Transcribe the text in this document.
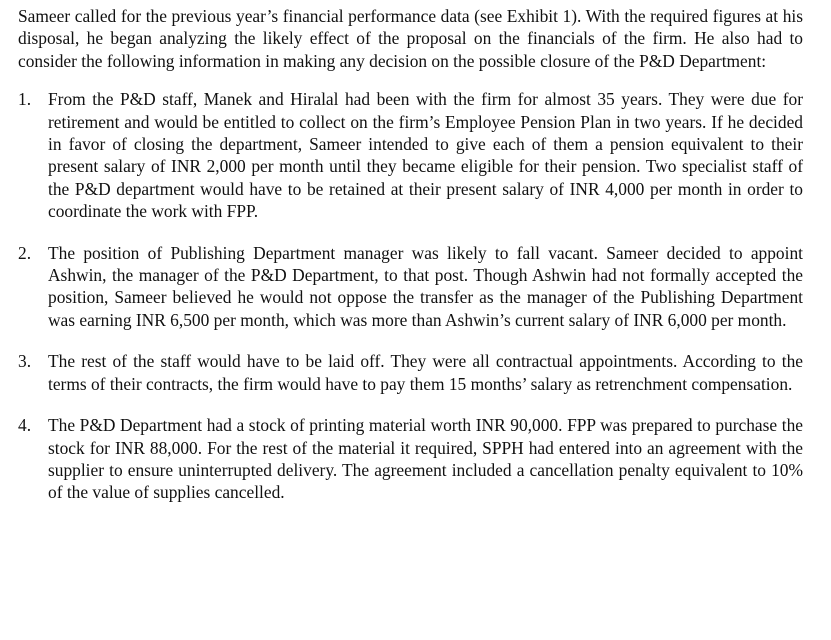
Sameer called for the previous year’s financial performance data (see Exhibit 1). With the required figures at his disposal, he began analyzing the likely effect of the proposal on the financials of the firm. He also had to consider the following information in making any decision on the possible closure of the P&D Department:

1. From the P&D staff, Manek and Hiralal had been with the firm for almost 35 years. They were due for retirement and would be entitled to collect on the firm’s Employee Pension Plan in two years. If he decided in favor of closing the department, Sameer intended to give each of them a pension equivalent to their present salary of INR 2,000 per month until they became eligible for their pension. Two specialist staff of the P&D department would have to be retained at their present salary of INR 4,000 per month in order to coordinate the work with FPP.
2. The position of Publishing Department manager was likely to fall vacant. Sameer decided to appoint Ashwin, the manager of the P&D Department, to that post. Though Ashwin had not formally accepted the position, Sameer believed he would not oppose the transfer as the manager of the Publishing Department was earning INR 6,500 per month, which was more than Ashwin’s current salary of INR 6,000 per month.
3. The rest of the staff would have to be laid off. They were all contractual appointments. According to the terms of their contracts, the firm would have to pay them 15 months’ salary as retrenchment compensation.
4. The P&D Department had a stock of printing material worth INR 90,000. FPP was prepared to purchase the stock for INR 88,000. For the rest of the material it required, SPPH had entered into an agreement with the supplier to ensure uninterrupted delivery. The agreement included a cancellation penalty equivalent to 10% of the value of supplies cancelled.
